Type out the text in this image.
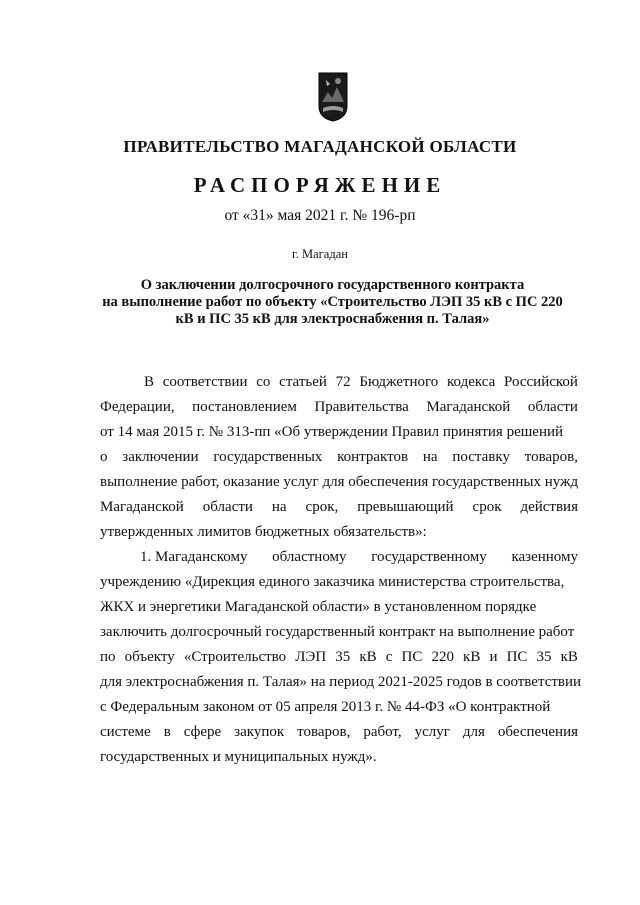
ПРАВИТЕЛЬСТВО МАГАДАНСКОЙ ОБЛАСТИ
РАСПОРЯЖЕНИЕ
от «31» мая 2021 г. № 196-рп
г. Магадан
О заключении долгосрочного государственного контракта
на выполнение работ по объекту «Строительство ЛЭП 35 кВ с ПС 220
кВ и ПС 35 кВ для электроснабжения п. Талая»
В соответствии со статьей 72 Бюджетного кодекса Российской
Федерации, постановлением Правительства Магаданской области
от 14 мая 2015 г. № 313-пп «Об утверждении Правил принятия решений
о заключении государственных контрактов на поставку товаров,
выполнение работ, оказание услуг для обеспечения государственных нужд
Магаданской области на срок, превышающий срок действия
утвержденных лимитов бюджетных обязательств»:
1. Магаданскому областному государственному казенному
учреждению «Дирекция единого заказчика министерства строительства,
ЖКХ и энергетики Магаданской области» в установленном порядке
заключить долгосрочный государственный контракт на выполнение работ
по объекту «Строительство ЛЭП 35 кВ с ПС 220 кВ и ПС 35 кВ
для электроснабжения п. Талая» на период 2021-2025 годов в соответствии
с Федеральным законом от 05 апреля 2013 г. № 44-ФЗ «О контрактной
системе в сфере закупок товаров, работ, услуг для обеспечения
государственных и муниципальных нужд».
